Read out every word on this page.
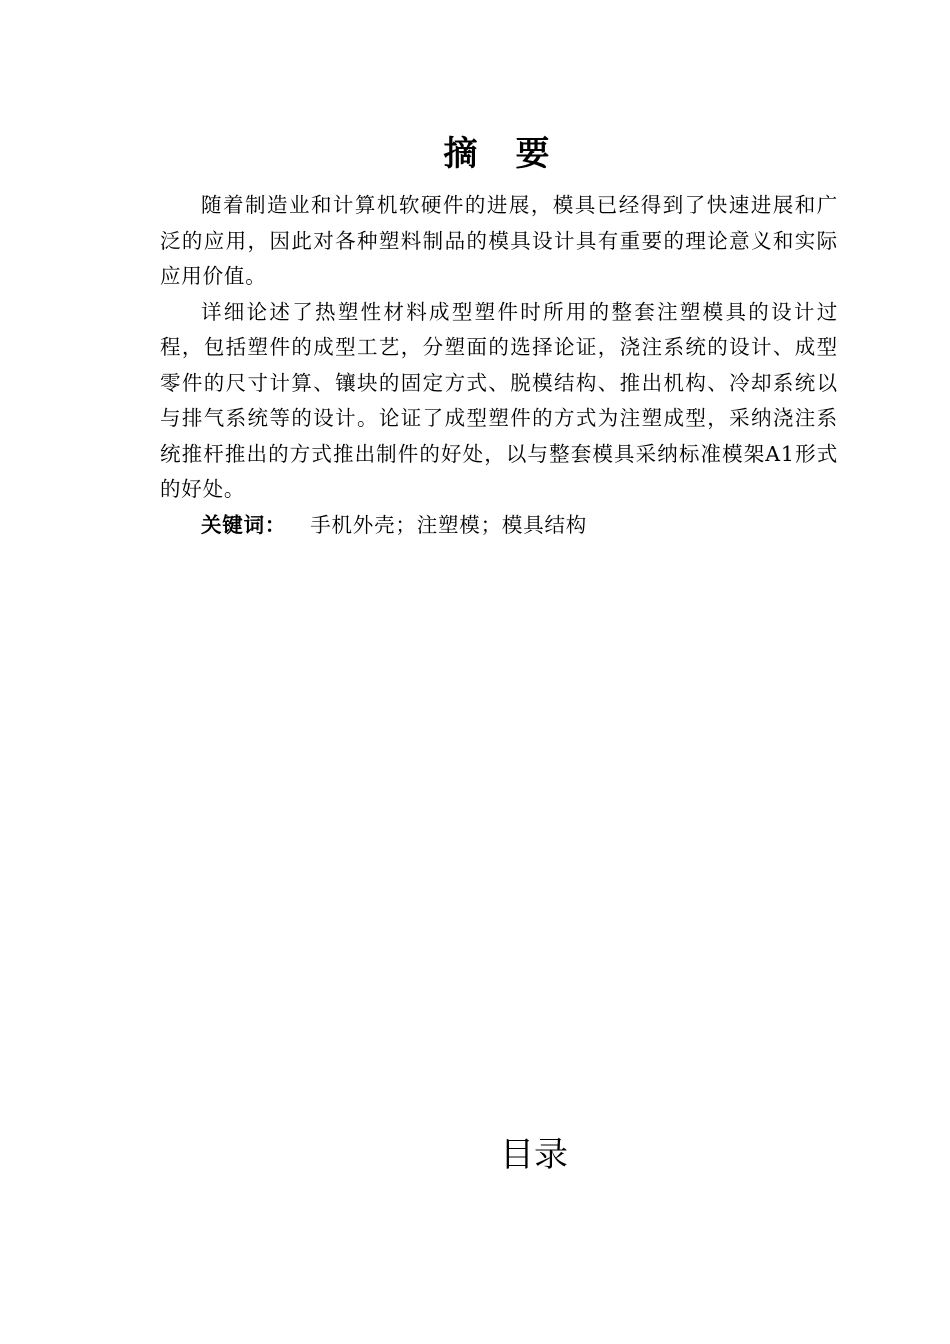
摘　要

随着制造业和计算机软硬件的进展，模具已经得到了快速进展和广泛的应用，因此对各种塑料制品的模具设计具有重要的理论意义和实际应用价值。

详细论述了热塑性材料成型塑件时所用的整套注塑模具的设计过程，包括塑件的成型工艺，分塑面的选择论证，浇注系统的设计、成型零件的尺寸计算、镶块的固定方式、脱模结构、推出机构、冷却系统以与排气系统等的设计。论证了成型塑件的方式为注塑成型，采纳浇注系统推杆推出的方式推出制件的好处，以与整套模具采纳标准模架A1形式的好处。

关键词： 手机外壳；注塑模；模具结构

目录
